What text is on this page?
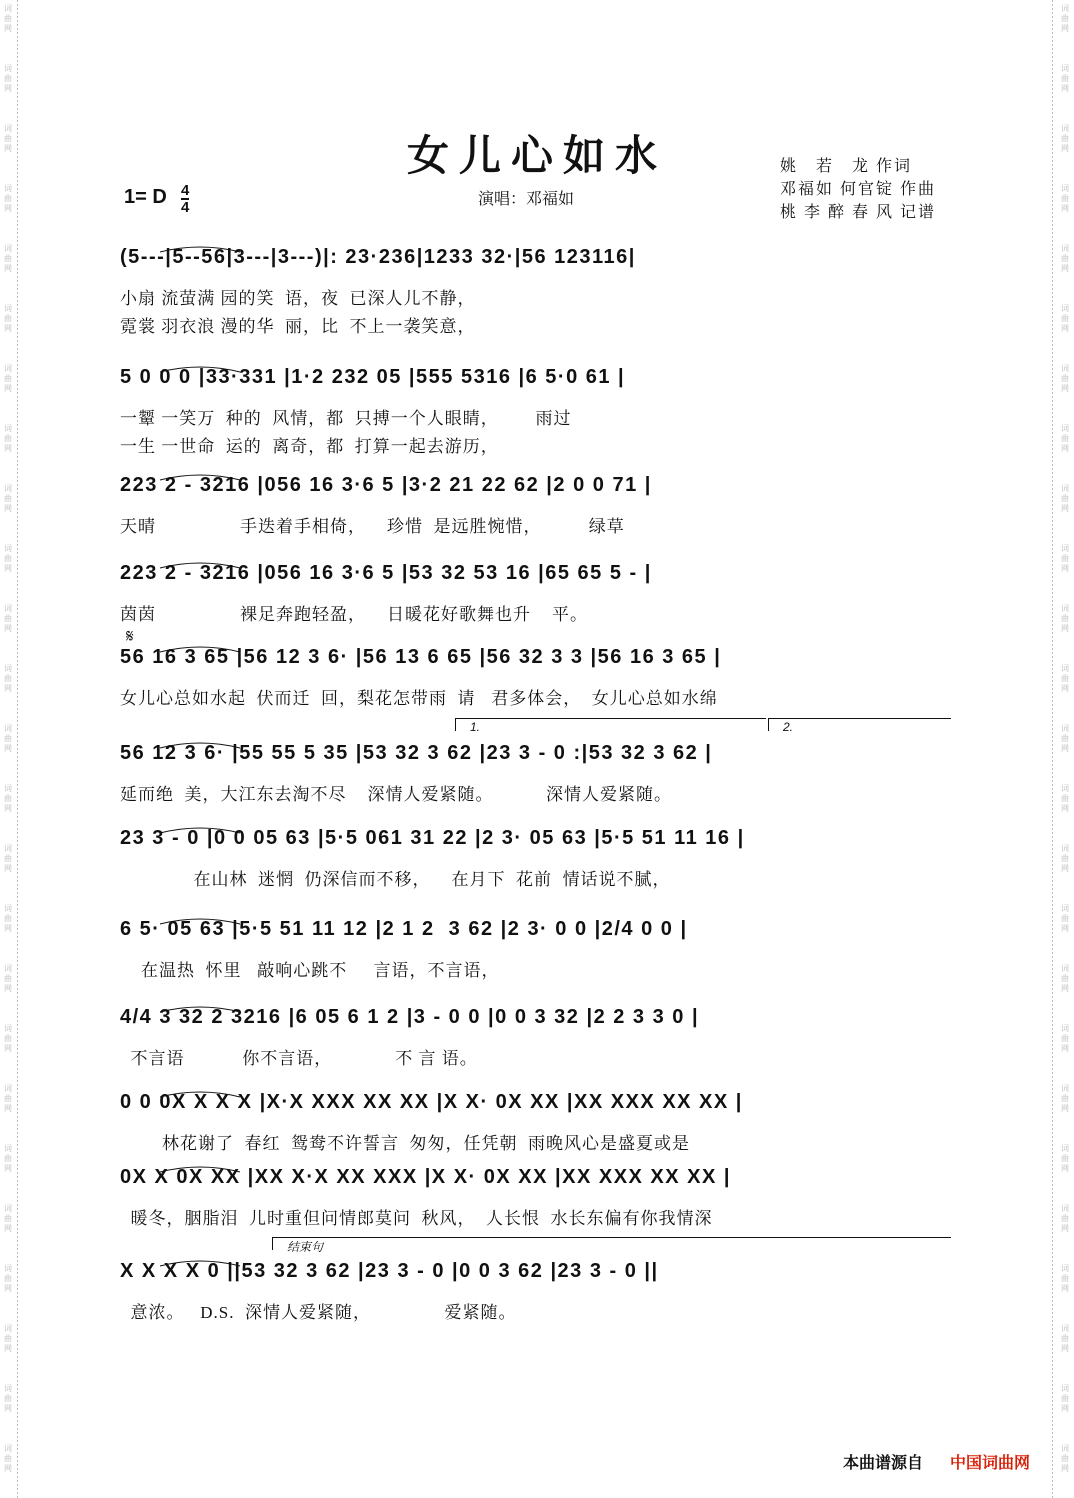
词
曲
网
词
曲
网
词
曲
网
词
曲
网
词
曲
网
词
曲
网
词
曲
网
词
曲
网
词
曲
网
词
曲
网
词
曲
网
词
曲
网
词
曲
网
词
曲
网
词
曲
网
词
曲
网
词
曲
网
词
曲
网
词
曲
网
词
曲
网
词
曲
网
词
曲
网
词
曲
网
词
曲
网
词
曲
网
词
曲
网
词
曲
网
词
曲
网
词
曲
网
词
曲
网
词
曲
网
词
曲
网
词
曲
网
词
曲
网
词
曲
网
词
曲
网
词
曲
网
词
曲
网
词
曲
网
词
曲
网
词
曲
网
词
曲
网
词
曲
网
词
曲
网
词
曲
网
词
曲
网
词
曲
网
词
曲
网
词
曲
网
词
曲
网
女儿心如水
1= D 4
4	演唱：邓福如
姚　若　龙 作词
邓福如 何官锭 作曲
桃 李 醉 春 风 记谱
(5---|5--56|3---|3---)|: 23·236|1233 32·|56 123116|
小扇 流萤满 园的笑  语，夜  已深人儿不静，
霓裳 羽衣浪 漫的华  丽，比  不上一袭笑意，
5 0 0 0 |33·331 |1·2 232 05 |555 5316 |6 5·0 61 |
一颦 一笑万  种的  风情，都  只搏一个人眼睛，       雨过
一生 一世命  运的  离奇，都  打算一起去游历，
223 2 - 3216 |056 16 3·6 5 |3·2 21 22 62 |2 0 0 71 |
天晴                手迭着手相倚，    珍惜  是远胜惋惜，         绿草
223 2 - 3216 |056 16 3·6 5 |53 32 53 16 |65 65 5 - |
茵茵                裸足奔跑轻盈，    日暖花好歌舞也升    平。
56 16 3 65 |56 12 3 6· |56 13 6 65 |56 32 3 3 |56 16 3 65 |
女儿心总如水起  伏而迁  回，梨花怎带雨  请   君多体会，  女儿心总如水绵
56 12 3 6· |55 55 5 35 |53 32 3 62 |23 3 - 0 :|53 32 3 62 |
延而绝  美，大江东去淘不尽    深情人爱紧随。          深情人爱紧随。
23 3 - 0 |0 0 05 63 |5·5 061 31 22 |2 3· 05 63 |5·5 51 11 16 |
在山林  迷惘  仍深信而不移，    在月下  花前  情话说不腻，
6 5· 05 63 |5·5 51 11 12 |2 1 2  3 62 |2 3· 0 0 |2/4 0 0 |
在温热  怀里   敲响心跳不     言语，不言语，
4/4 3 32 2 3216 |6 05 6 1 2 |3 - 0 0 |0 0 3 32 |2 2 3 3 0 |
不言语           你不言语，            不 言 语。
0 0 0X X X X |X·X XXX XX XX |X X· 0X XX |XX XXX XX XX |
林花谢了  春红  鸳鸯不许誓言  匆匆，任凭朝  雨晚风心是盛夏或是
0X X 0X XX |XX X·X XX XXX |X X· 0X XX |XX XXX XX XX |
暖冬，胭脂泪  儿时重但问情郎莫问  秋风，  人长恨  水长东偏有你我情深
X X X X 0 ||53 32 3 62 |23 3 - 0 |0 0 3 62 |23 3 - 0 ||
意浓。   D.S.  深情人爱紧随，              爱紧随。
𝄋
1.	2.
结束句
本曲谱源自 中国词曲网
